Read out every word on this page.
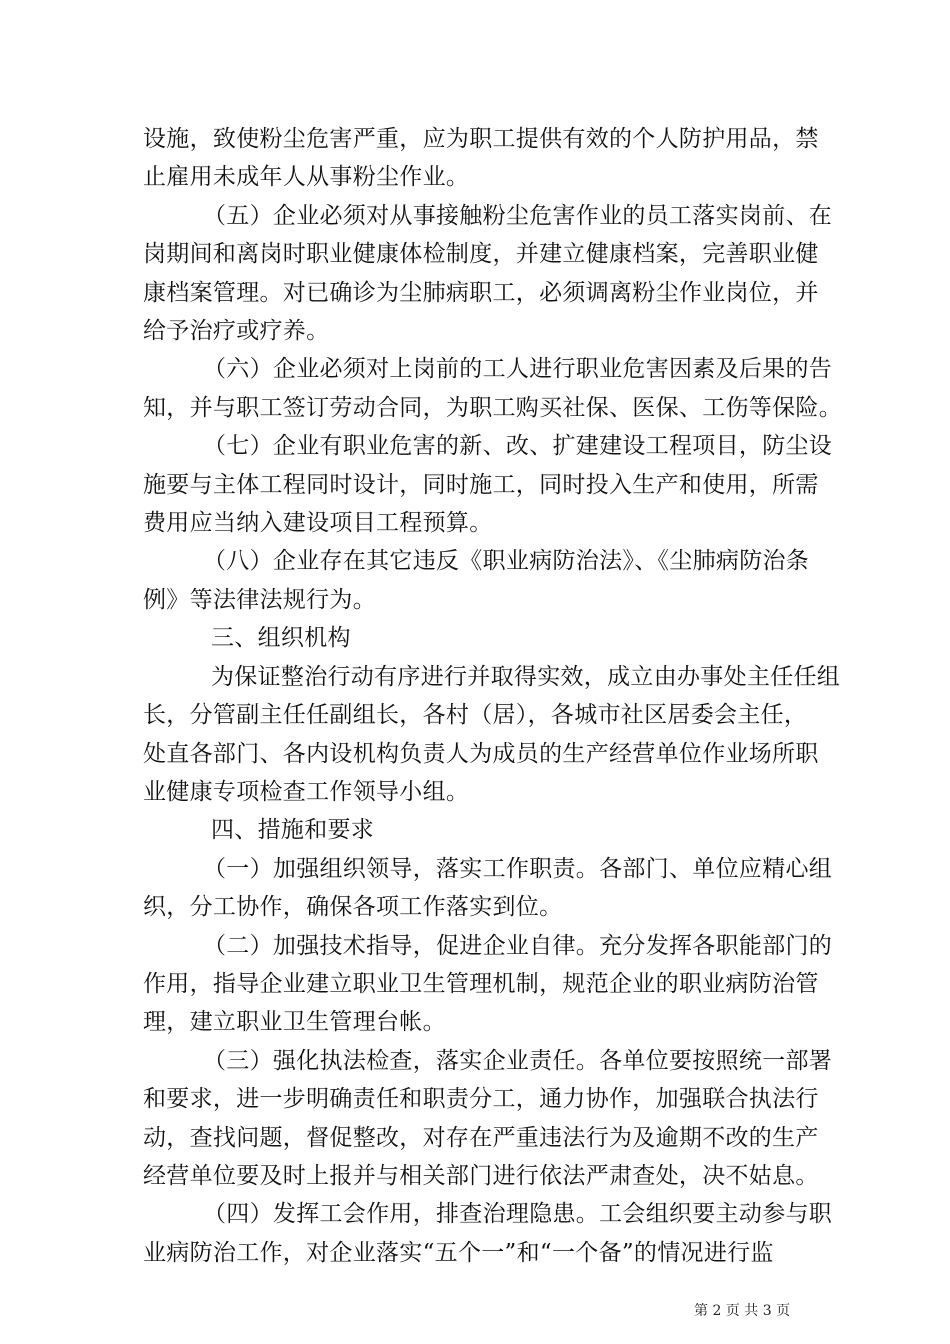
设施，致使粉尘危害严重，应为职工提供有效的个人防护用品，禁
止雇用未成年人从事粉尘作业。

（五）企业必须对从事接触粉尘危害作业的员工落实岗前、在
岗期间和离岗时职业健康体检制度，并建立健康档案，完善职业健
康档案管理。对已确诊为尘肺病职工，必须调离粉尘作业岗位，并
给予治疗或疗养。

（六）企业必须对上岗前的工人进行职业危害因素及后果的告
知，并与职工签订劳动合同，为职工购买社保、医保、工伤等保险。

（七）企业有职业危害的新、改、扩建建设工程项目，防尘设
施要与主体工程同时设计，同时施工，同时投入生产和使用，所需
费用应当纳入建设项目工程预算。

（八）企业存在其它违反《职业病防治法》、《尘肺病防治条
例》等法律法规行为。

三、组织机构

为保证整治行动有序进行并取得实效，成立由办事处主任任组
长，分管副主任任副组长，各村（居），各城市社区居委会主任，
处直各部门、各内设机构负责人为成员的生产经营单位作业场所职
业健康专项检查工作领导小组。

四、措施和要求

（一）加强组织领导，落实工作职责。各部门、单位应精心组
织，分工协作，确保各项工作落实到位。

（二）加强技术指导，促进企业自律。充分发挥各职能部门的
作用，指导企业建立职业卫生管理机制，规范企业的职业病防治管
理，建立职业卫生管理台帐。

（三）强化执法检查，落实企业责任。各单位要按照统一部署
和要求，进一步明确责任和职责分工，通力协作，加强联合执法行
动，查找问题，督促整改，对存在严重违法行为及逾期不改的生产
经营单位要及时上报并与相关部门进行依法严肃查处，决不姑息。

（四）发挥工会作用，排查治理隐患。工会组织要主动参与职
业病防治工作，对企业落实“五个一”和“一个备”的情况进行监

第 2 页 共 3 页
